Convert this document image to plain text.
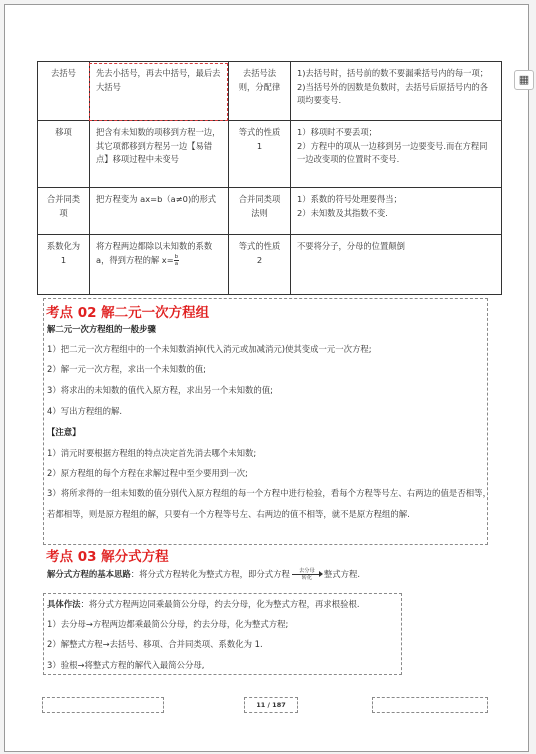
▦
去括号	先去小括号，再去中括号，最后去大括号	去括号法则，分配律	1)去括号时，括号前的数不要漏乘括号内的每一项；
2)当括号外的因数是负数时，去括号后原括号内的各项均要变号.
移项	把含有未知数的项移到方程一边，其它项都移到方程另一边【易错点】移项过程中未变号	等式的性质 1	1）移项时不要丢项；
2）方程中的项从一边移到另一边要变号.而在方程同一边改变项的位置时不变号.
合并同类项	把方程变为 ax=b（a≠0)的形式	合并同类项法则	1）系数的符号处理要得当；
2）未知数及其指数不变.
系数化为 1	将方程两边都除以未知数的系数 a，得到方程的解 $x= \frac{b}{a}$	等式的性质 2	不要将分子，分母的位置颠倒
考点 02 解二元一次方程组
解二元一次方程组的一般步骤
1）把二元一次方程组中的一个未知数消掉(代入消元或加减消元)使其变成一元一次方程;
2）解一元一次方程，求出一个未知数的值;
3）将求出的未知数的值代入原方程，求出另一个未知数的值;
4）写出方程组的解.
【注意】
1）消元时要根据方程组的特点决定首先消去哪个未知数;
2）原方程组的每个方程在求解过程中至少要用到一次;
3）将所求得的一组未知数的值分别代入原方程组的每一个方程中进行检验，看每个方程等号左、右两边的值是否相等，若都相等，则是原方程组的解，只要有一个方程等号左、右两边的值不相等，就不是原方程组的解.
考点 03 解分式方程
解分式方程的基本思路：将分式方程转化为整式方程，即分式方程 去分母
转化 整式方程.
具体作法：将分式方程两边同乘最简公分母，约去分母，化为整式方程，再求根验根.
1）去分母→方程两边都乘最简公分母，约去分母，化为整式方程;
2）解整式方程→去括号、移项、合并同类项、系数化为 1.
3）验根→将整式方程的解代入最简公分母,
11 / 187
